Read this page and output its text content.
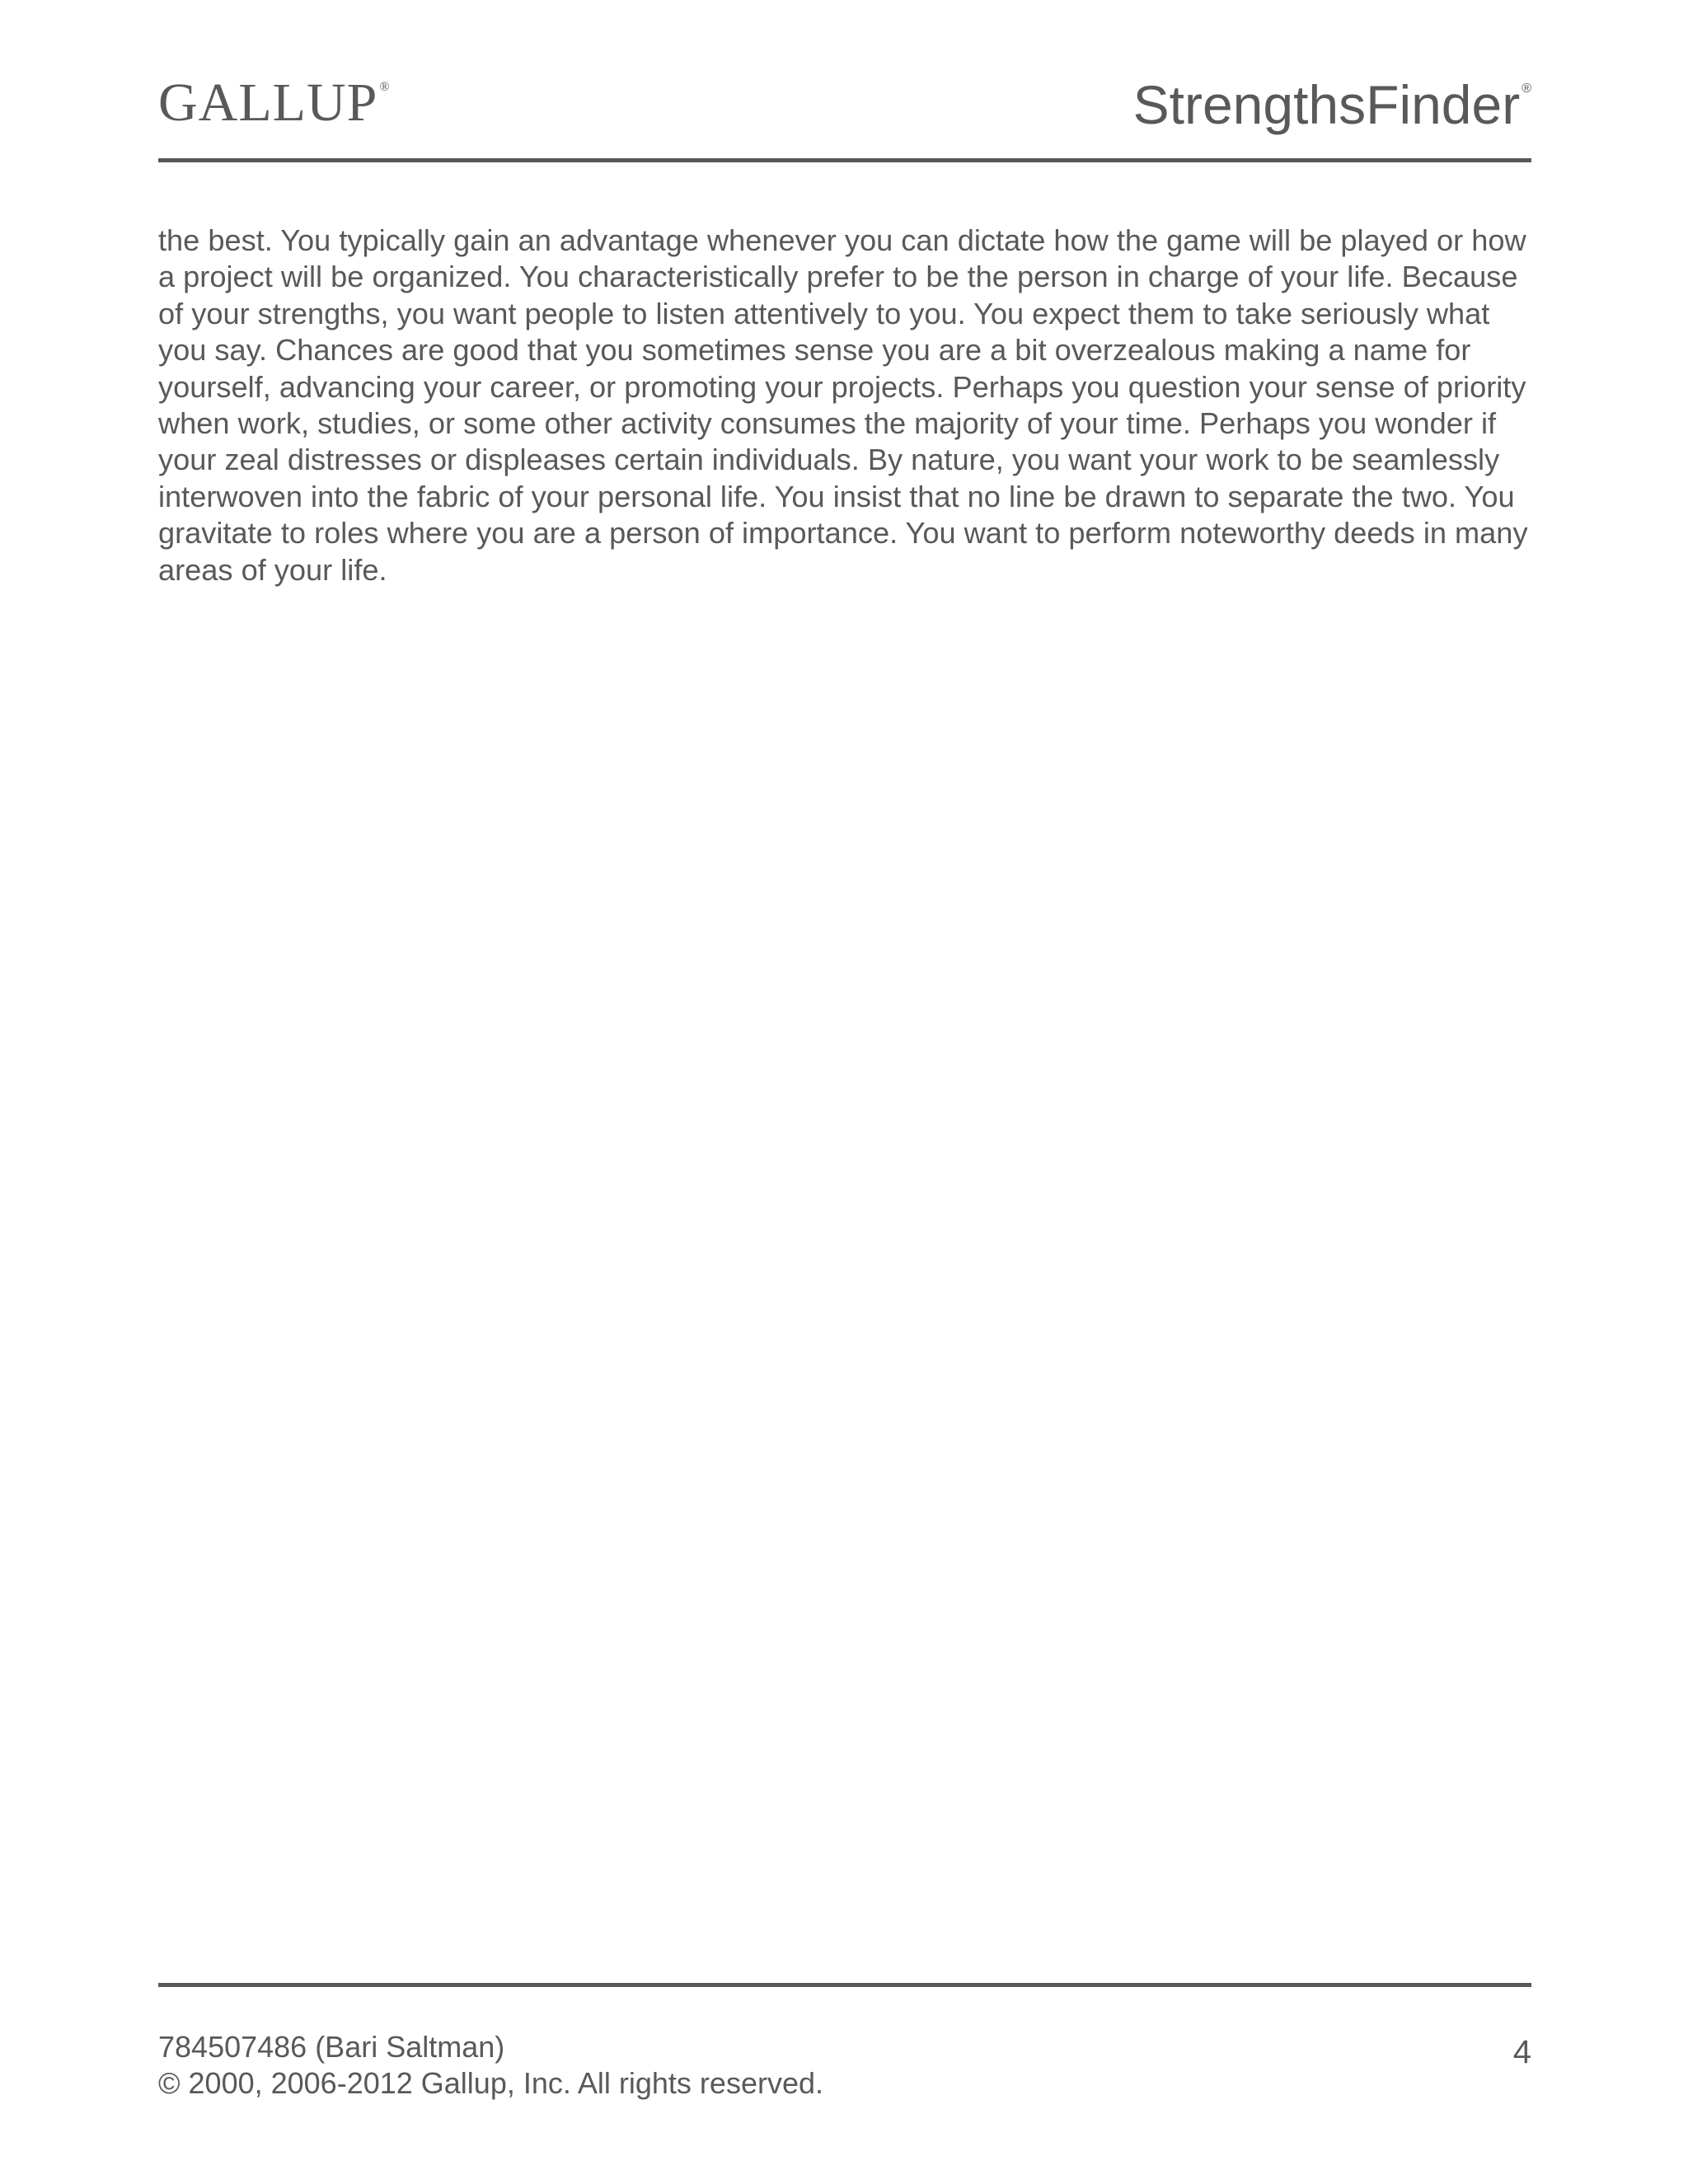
GALLUP ®	StrengthsFinder ®

the best. You typically gain an advantage whenever you can dictate how the game will be played or how a project will be organized. You characteristically prefer to be the person in charge of your life. Because of your strengths, you want people to listen attentively to you. You expect them to take seriously what you say. Chances are good that you sometimes sense you are a bit overzealous making a name for yourself, advancing your career, or promoting your projects. Perhaps you question your sense of priority when work, studies, or some other activity consumes the majority of your time. Perhaps you wonder if your zeal distresses or displeases certain individuals. By nature, you want your work to be seamlessly interwoven into the fabric of your personal life. You insist that no line be drawn to separate the two. You gravitate to roles where you are a person of importance. You want to perform noteworthy deeds in many areas of your life.

784507486 (Bari Saltman)
© 2000, 2006-2012 Gallup, Inc. All rights reserved.
4
